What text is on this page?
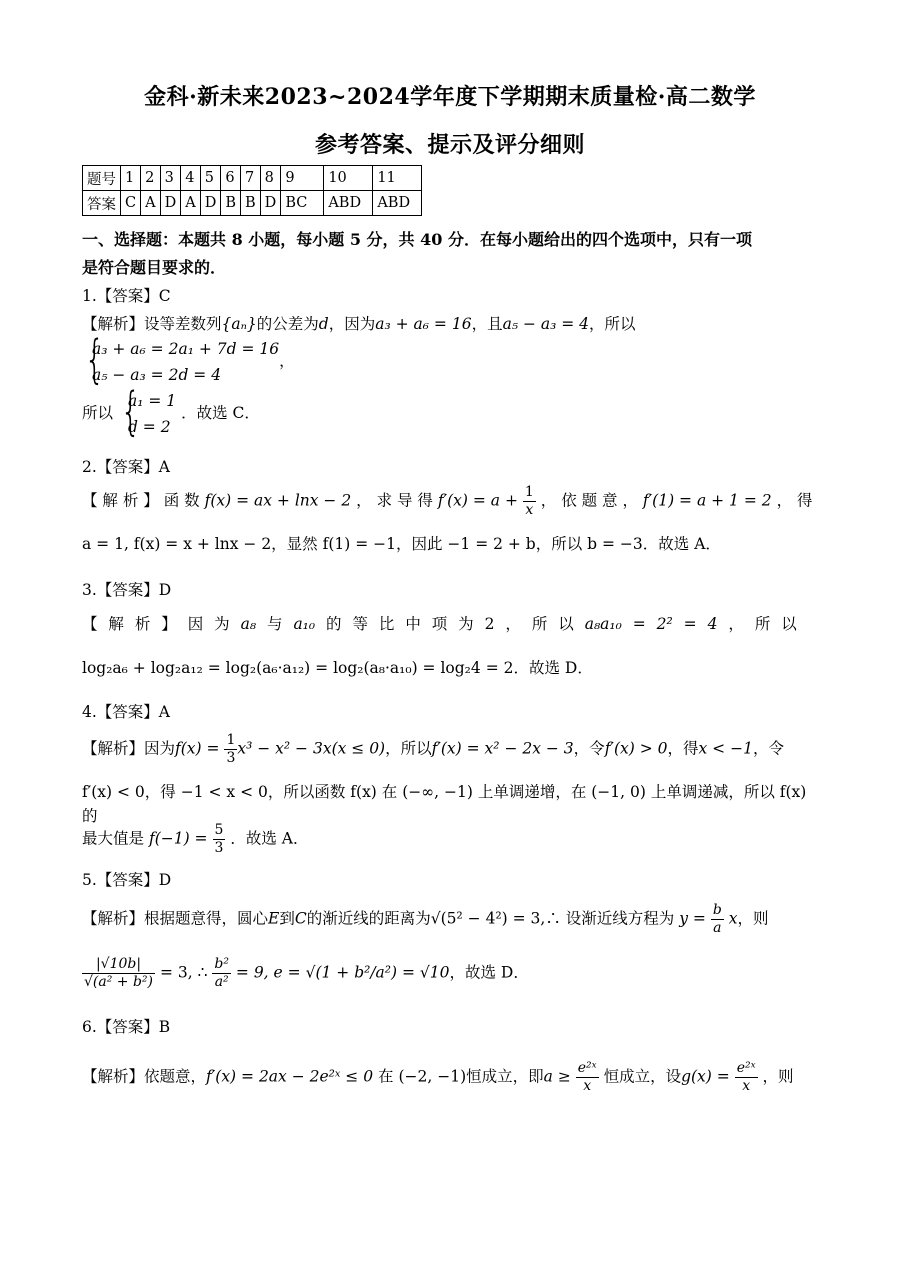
金科·新未来2023~2024学年度下学期期末质量检·高二数学
参考答案、提示及评分细则
题号	1	2	3	4	5	6	7	8	9	10	11
答案	C	A	D	A	D	B	B	D	BC	ABD	ABD
一、选择题：本题共 8 小题，每小题 5 分，共 40 分．在每小题给出的四个选项中，只有一项
是符合题目要求的．
1.【答案】C
【解析】设等差数列{aₙ}的公差为d，因为a₃ + a₆ = 16，且a₅ − a₃ = 4，所以
{ a₃ + a₆ = 2a₁ + 7d = 16
a₅ − a₃ = 2d = 4
，
所以
{ a₁ = 1
d = 2
．故选 C．
2.【答案】A
【 解 析 】 函 数 f(x) = ax + lnx − 2 ， 求 导 得 $f'(x) = a + \frac{1}{x}$ ， 依 题 意 ， f′(1) = a + 1 = 2 ， 得
a = 1, f(x) = x + lnx − 2，显然 f(1) = −1，因此 −1 = 2 + b，所以 b = −3．故选 A．
3.【答案】D
【 解 析 】 因 为 a₈ 与 a₁₀ 的 等 比 中 项 为 2 ， 所 以 a₈a₁₀ = 2² = 4 ， 所 以
log₂a₆ + log₂a₁₂ = log₂(a₆·a₁₂) = log₂(a₈·a₁₀) = log₂4 = 2．故选 D．
4.【答案】A
【解析】因为$f(x) = \frac{1}{3} x^3 - x^2 - 3x(x \le 0)$，所以f′(x) = x² − 2x − 3，令f′(x) > 0，得x < −1，令
f′(x) < 0，得 −1 < x < 0，所以函数 f(x) 在 (−∞, −1) 上单调递增，在 (−1, 0) 上单调递减，所以 f(x) 的
最大值是 $f(-1) = \frac{5}{3}$ ．故选 A．
5.【答案】D
【解析】根据题意得，圆心E到C的渐近线的距离为√(5² − 4²) = 3,∴ 设渐近线方程为 $y = \frac{b}{a}$ x，则
$\frac{|√10b|}{\text{√(a² + b²)}} = 3$, ∴ $\frac{\text{b²}}{\text{a²}} = 9$, e = √(1 + b²/a²) = √10，故选 D．
6.【答案】B
【解析】依题意，f′(x) = 2ax − 2e²ˣ ≤ 0 在 (−2, −1)恒成立，即$a \ge \frac{\text{e²ˣ}}{x}$ 恒成立，设$g(x) = \frac{\text{e²ˣ}}{x}$ ，则
